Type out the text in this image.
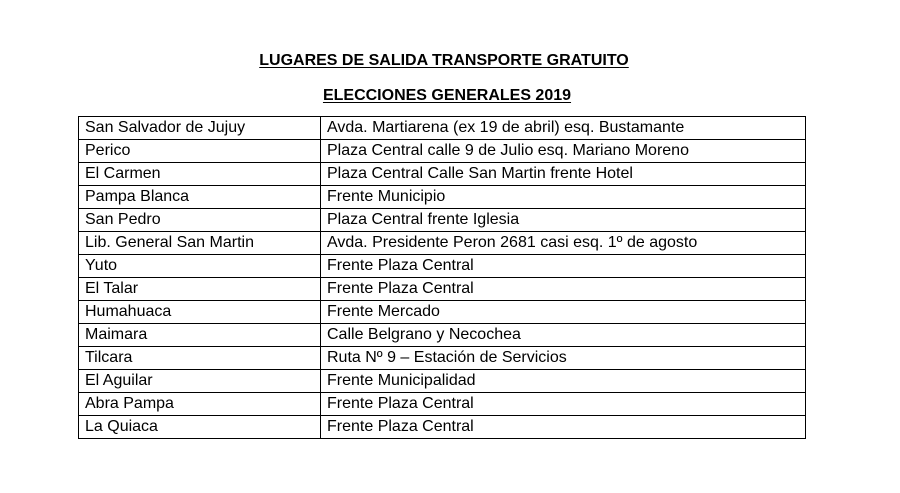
LUGARES DE SALIDA TRANSPORTE GRATUITO
ELECCIONES GENERALES 2019
San Salvador de Jujuy	Avda. Martiarena (ex 19 de abril) esq. Bustamante
Perico	Plaza Central calle 9 de Julio esq. Mariano Moreno
El Carmen	Plaza Central Calle San Martin frente Hotel
Pampa Blanca	Frente Municipio
San Pedro	Plaza Central frente Iglesia
Lib. General San Martin	Avda. Presidente Peron 2681 casi esq. 1º de agosto
Yuto	Frente Plaza Central
El Talar	Frente Plaza Central
Humahuaca	Frente Mercado
Maimara	Calle Belgrano y Necochea
Tilcara	Ruta Nº 9 – Estación de Servicios
El Aguilar	Frente Municipalidad
Abra Pampa	Frente Plaza Central
La Quiaca	Frente Plaza Central
